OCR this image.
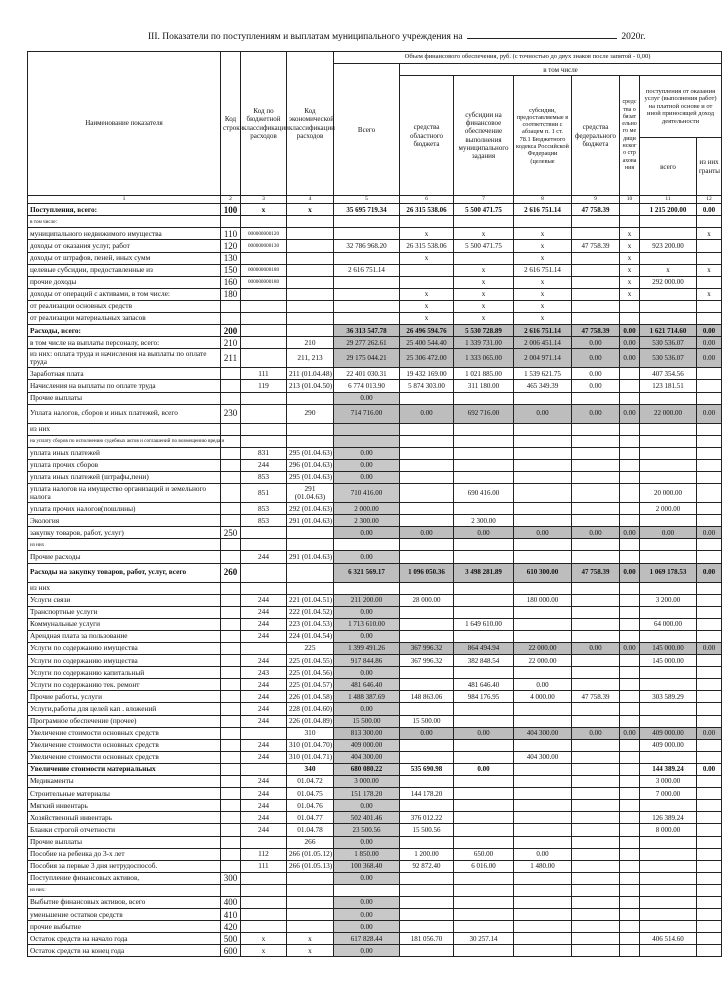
III. Показатели по поступлениям и выплатам муниципального учреждения на	2020г.
Наименование показателя	Код строки	Код по бюджетной классификации расходов	Код экономической классификации расходов	Объем финансового обеспечения, руб. (с точностью до двух знаков после запятой - 0,00)							
				Всего	в том числе						
					средства областного бюджета	субсидии на финансовое обеспечение выполнения муниципального задания	субсидии, предоставляемые в соответствии с абзацем п. 1 ст. 78.1 Бюджетного кодекса Российской Федерации (целевые	средства федерального бюджета	средства обязательного медицинского страхования	поступления от оказания услуг (выполнения работ) на платной основе и от иной приносящей доход деятельности	
										всего	из них гранты
1	2	3	4	5	6	7	8	9	10	11	12
Поступления, всего:	100	x	x	35 695 719.34	26 315 538.06	5 500 471.75	2 616 751.14	47 758.39		1 215 200.00	0.00
в том числе:											
муниципального недвижимого имущества	110	000000000120			x	x	x		x		x
доходы от оказания услуг, работ	120	000000000130		32 786 968.20	26 315 538.06	5 500 471.75	x	47 758.39	x	923 200.00	
доходы от штрафов, пеней, иных сумм	130				x		x		x		
целевые субсидии, предоставленные из	150	000000000180		2 616 751.14		x	2 616 751.14		x	x	x
прочие доходы	160	000000000180				x	x		x	292 000.00	
доходы от операций с активами, в том числе:	180				x	x	x		x		x
от реализации основных средств					x	x	x				
от реализации материальных запасов					x	x	x				
Расходы, всего:	200			36 313 547.78	26 496 594.76	5 530 728.89	2 616 751.14	47 758.39	0.00	1 621 714.60	0.00
в том числе на выплаты персоналу, всего:	210		210	29 277 262.61	25 400 544.40	1 339 731.00	2 006 451.14	0.00	0.00	530 536.07	0.00
из них: оплата труда и начисления на выплаты по оплате труда	211		211, 213	29 175 044.21	25 306 472.00	1 333 065.00	2 004 971.14	0.00	0.00	530 536.07	0.00
Заработная плата		111	211 (01.04.48)	22 401 030.31	19 432 169.00	1 021 885.00	1 539 621.75	0.00		407 354.56	
Начисления на выплаты по оплате труда		119	213 (01.04.50)	6 774 013.90	5 874 303.00	311 180.00	465 349.39	0.00		123 181.51	
Прочие выплаты				0.00							
Уплата налогов, сборов и иных платежей, всего	230		290	714 716.00	0.00	692 716.00	0.00	0.00	0.00	22 000.00	0.00
из них											
на уплату сборов по исполнению судебных актов и соглашений по возмещению вреда и											
уплата иных платежей		831	295 (01.04.63)	0.00							
уплата прочих сборов		244	296 (01.04.63)	0.00							
уплата иных платежей (штрафы,пени)		853	295 (01.04.63)	0.00							
уплата налогов на имущество организаций и земельного налога		851	291 (01.04.63)	710 416.00		690 416.00				20 000.00	
уплата прочих налогов(пошлины)		853	292 (01.04.63)	2 000.00						2 000.00	
Экология		853	291 (01.04.63)	2 300.00		2 300.00					
закупку товаров, работ, услуг)	250			0.00	0.00	0.00	0.00	0.00	0.00	0.00	0.00
из них											
Прочие расходы		244	291 (01.04.63)	0.00							
Расходы на закупку товаров, работ, услуг, всего	260			6 321 569.17	1 096 050.36	3 498 281.89	610 300.00	47 758.39	0.00	1 069 178.53	0.00
из них											
Услуги связи		244	221 (01.04.51)	211 200.00	28 000.00		180 000.00			3 200.00	
Транспортные услуги		244	222 (01.04.52)	0.00							
Коммунальные услуги		244	223 (01.04.53)	1 713 610.00		1 649 610.00				64 000.00	
Арендная плата за пользование		244	224 (01.04.54)	0.00							
Услуги по содержанию имущества			225	1 399 491.26	367 996.32	864 494.94	22 000.00	0.00	0.00	145 000.00	0.00
Услуги по содержанию имущества		244	225 (01.04.55)	917 844.86	367 996.32	382 848.54	22 000.00			145 000.00	
Услуги по содержанию капитальный		243	225 (01.04.56)	0.00							
Услуги по содержанию тек. ремонт		244	225 (01.04.57)	481 646.40		481 646.40	0.00				
Прочие работы, услуги		244	226 (01.04.58)	1 488 387.69	148 863.06	984 176.95	4 000.00	47 758.39		303 589.29	
Услуги,работы для целей кап . вложений		244	228 (01.04.60)	0.00							
Програмное обеспечение (прочее)		244	226 (01.04.89)	15 500.00	15 500.00						
Увеличение стоимости основных средств			310	813 300.00	0.00	0.00	404 300.00	0.00	0.00	409 000.00	0.00
Увеличение стоимости основных средств		244	310 (01.04.70)	409 000.00						409 000.00	
Увеличение стоимости основных средств		244	310 (01.04.71)	404 300.00			404 300.00				
Увеличение стоимости материальных			340	680 080.22	535 690.98	0.00				144 389.24	0.00
Медикаменты		244	01.04.72	3 000.00						3 000.00	
Строительные материалы		244	01.04.75	151 178.20	144 178.20					7 000.00	
Мягкий инвентарь		244	01.04.76	0.00							
Хозяйственный инвентарь		244	01.04.77	502 401.46	376 012.22					126 389.24	
Бланки строгой отчетности		244	01.04.78	23 500.56	15 500.56					8 000.00	
Прочие выплаты			266	0.00							
Пособие на ребенка до 3-х лет		112	266 (01.05.12)	1 850.00	1 200.00	650.00	0.00				
Пособия за первые 3 дня нетрудоспособ.		111	266 (01.05.13)	100 368.40	92 872.40	6 016.00	1 480.00				
Поступление финансовых активов,	300			0.00							
из них:											
Выбытие финансовых активов, всего	400			0.00							
уменьшение остатков средств	410			0.00							
прочие выбытие	420			0.00							
Остаток средств на начало года	500	x	x	617 828.44	181 056.70	30 257.14				406 514.60	
Остаток средств на конец года	600	x	x	0.00							
